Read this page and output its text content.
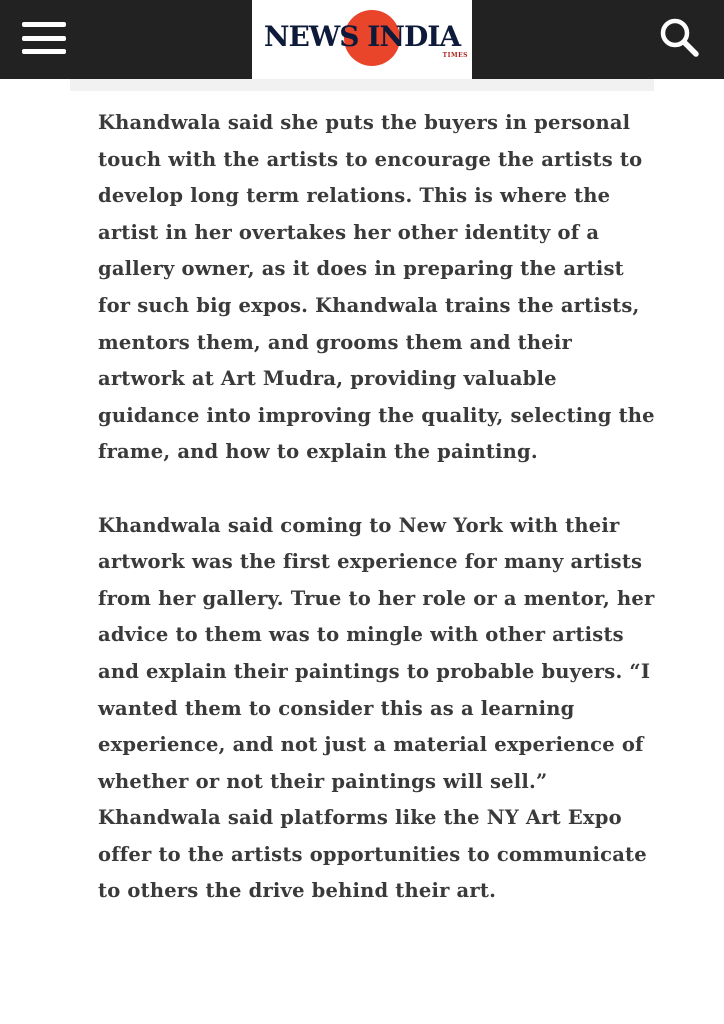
NEWS INDIA
TIMES

Khandwala said she puts the buyers in personal touch with the artists to encourage the artists to develop long term relations. This is where the artist in her overtakes her other identity of a gallery owner, as it does in preparing the artist for such big expos. Khandwala trains the artists, mentors them, and grooms them and their artwork at Art Mudra, providing valuable guidance into improving the quality, selecting the frame, and how to explain the painting.

Khandwala said coming to New York with their artwork was the first experience for many artists from her gallery. True to her role or a mentor, her advice to them was to mingle with other artists and explain their paintings to probable buyers. “I wanted them to consider this as a learning experience, and not just a material experience of whether or not their paintings will sell.” Khandwala said platforms like the NY Art Expo offer to the artists opportunities to communicate to others the drive behind their art.
